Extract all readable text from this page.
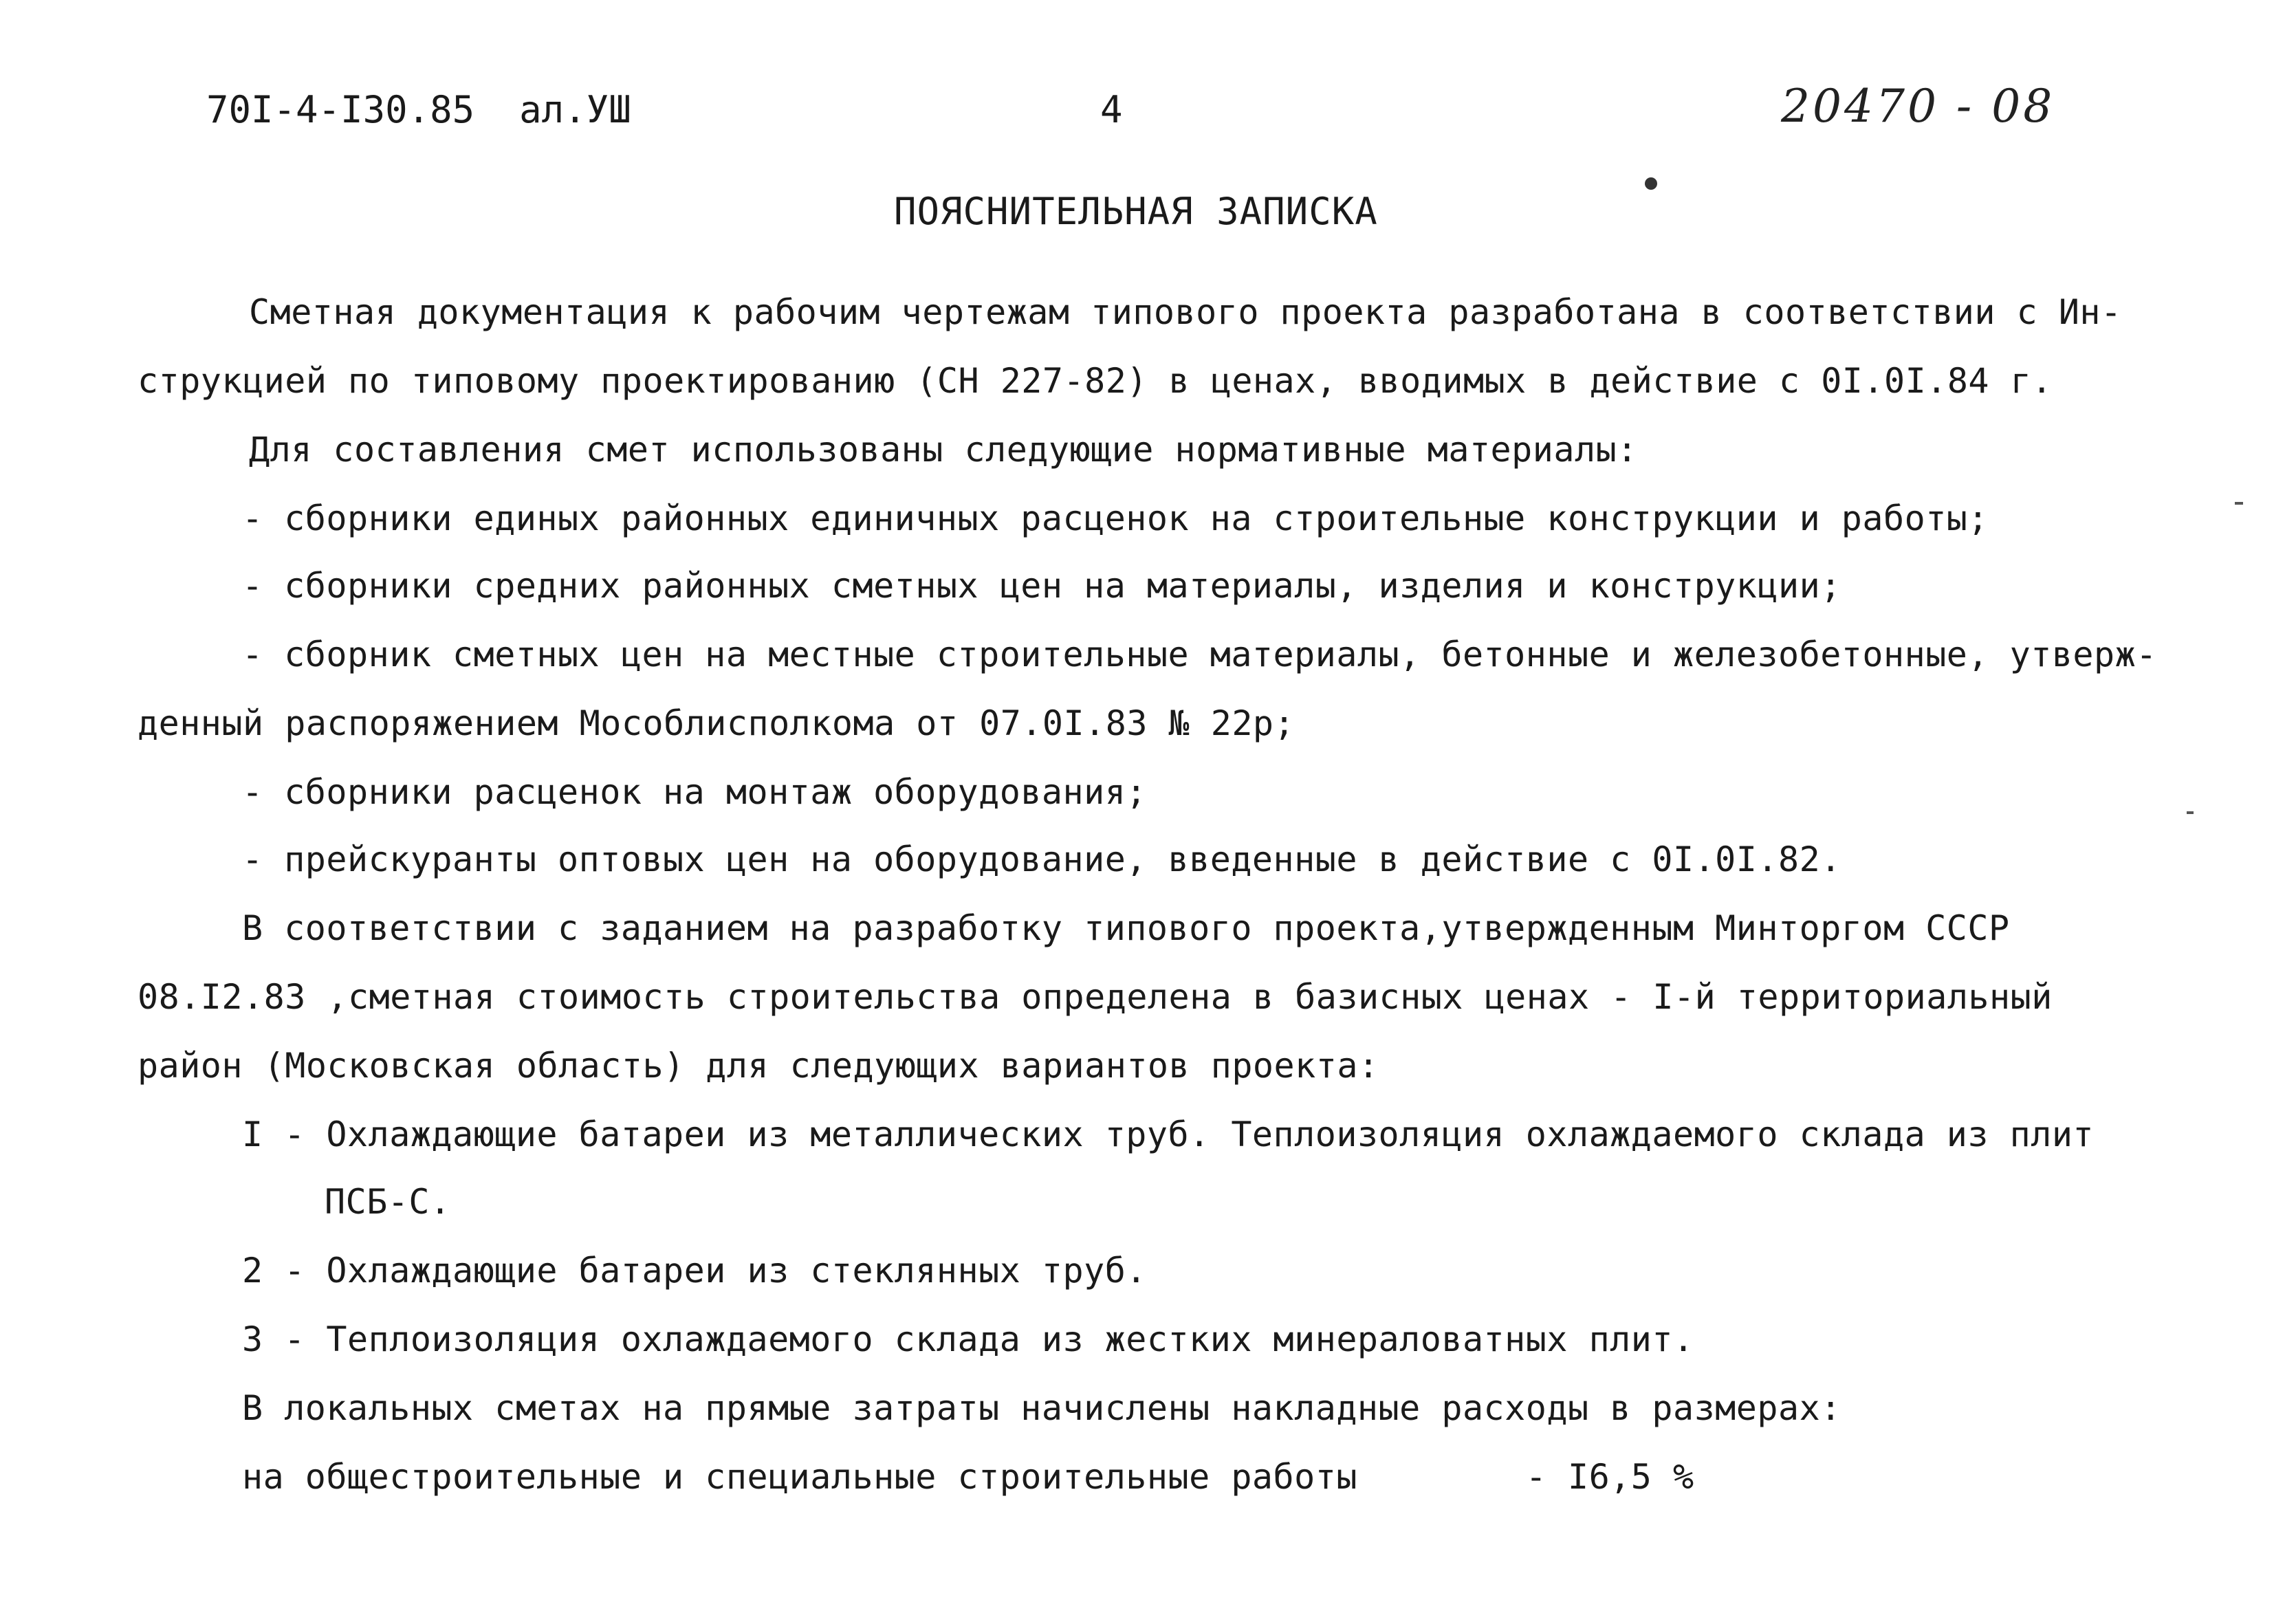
70I-4-I30.85  ал.УШ	4	20470 - 08
ПОЯСНИТЕЛЬНАЯ ЗАПИСКА
Сметная документация к рабочим чертежам типового проекта разработана в соответствии с Ин-
струкцией по типовому проектированию (СН 227-82) в ценах, вводимых в действие с 0I.0I.84 г.
Для составления смет использованы следующие нормативные материалы:
- сборники единых районных единичных расценок на строительные конструкции и работы;
- сборники средних районных сметных цен на материалы, изделия и конструкции;
- сборник сметных цен на местные строительные материалы, бетонные и железобетонные, утверж-
денный распоряжением Мособлисполкома от 07.0I.83 № 22р;
- сборники расценок на монтаж оборудования;
- прейскуранты оптовых цен на оборудование, введенные в действие с 0I.0I.82.
В соответствии с заданием на разработку типового проекта,утвержденным Минторгом СССР
08.I2.83 ,сметная стоимость строительства определена в базисных ценах - I-й территориальный
район (Московская область) для следующих вариантов проекта:
I - Охлаждающие батареи из металлических труб. Теплоизоляция охлаждаемого склада из плит
ПСБ-С.
2 - Охлаждающие батареи из стеклянных труб.
3 - Теплоизоляция охлаждаемого склада из жестких минераловатных плит.
В локальных сметах на прямые затраты начислены накладные расходы в размерах:
на общестроительные и специальные строительные работы        - I6,5 %
